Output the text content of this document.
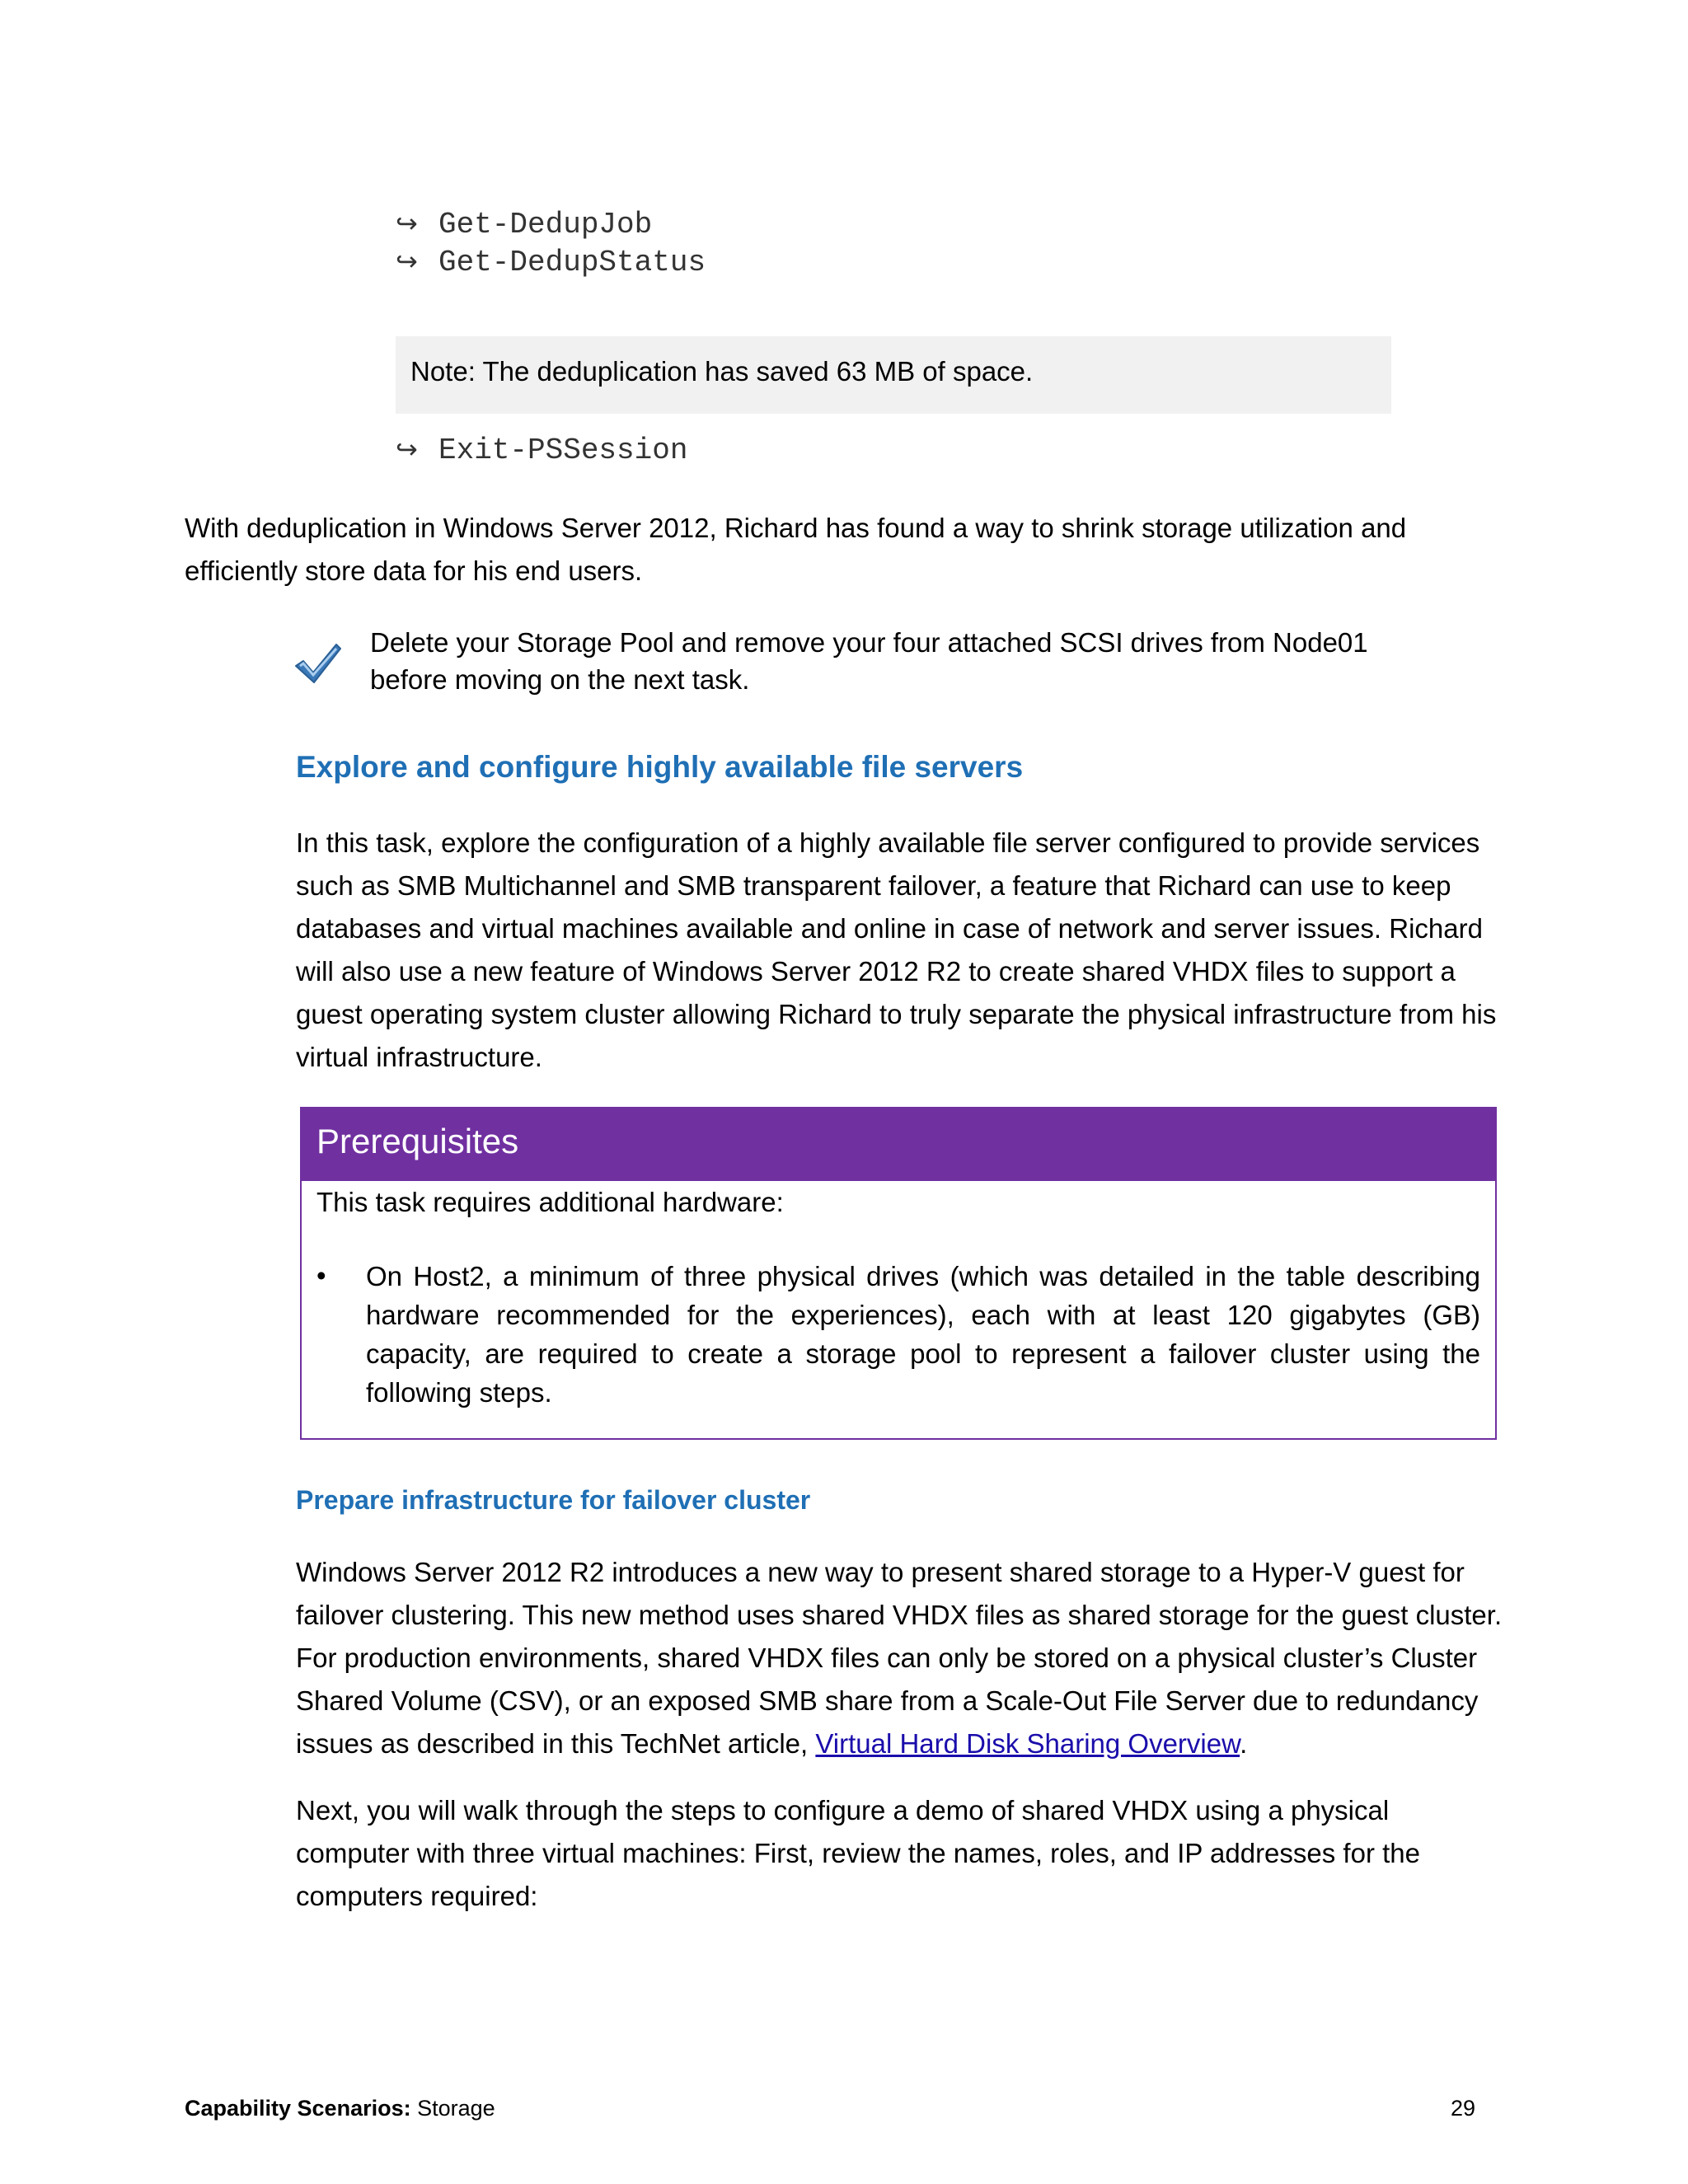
↪ Get-DedupJob
↪ Get-DedupStatus
Note: The deduplication has saved 63 MB of space.
↪ Exit-PSSession
With deduplication in Windows Server 2012, Richard has found a way to shrink storage utilization and efficiently store data for his end users.
Delete your Storage Pool and remove your four attached SCSI drives from Node01 before moving on the next task.
Explore and configure highly available file servers
In this task, explore the configuration of a highly available file server configured to provide services such as SMB Multichannel and SMB transparent failover, a feature that Richard can use to keep databases and virtual machines available and online in case of network and server issues. Richard will also use a new feature of Windows Server 2012 R2 to create shared VHDX files to support a guest operating system cluster allowing Richard to truly separate the physical infrastructure from his virtual infrastructure.
Prerequisites
This task requires additional hardware:
• On Host2, a minimum of three physical drives (which was detailed in the table describing hardware recommended for the experiences), each with at least 120 gigabytes (GB) capacity, are required to create a storage pool to represent a failover cluster using the following steps.
Prepare infrastructure for failover cluster
Windows Server 2012 R2 introduces a new way to present shared storage to a Hyper-V guest for failover clustering. This new method uses shared VHDX files as shared storage for the guest cluster. For production environments, shared VHDX files can only be stored on a physical cluster’s Cluster Shared Volume (CSV), or an exposed SMB share from a Scale-Out File Server due to redundancy issues as described in this TechNet article, Virtual Hard Disk Sharing Overview.
Next, you will walk through the steps to configure a demo of shared VHDX using a physical computer with three virtual machines: First, review the names, roles, and IP addresses for the computers required:
Capability Scenarios: Storage	29
